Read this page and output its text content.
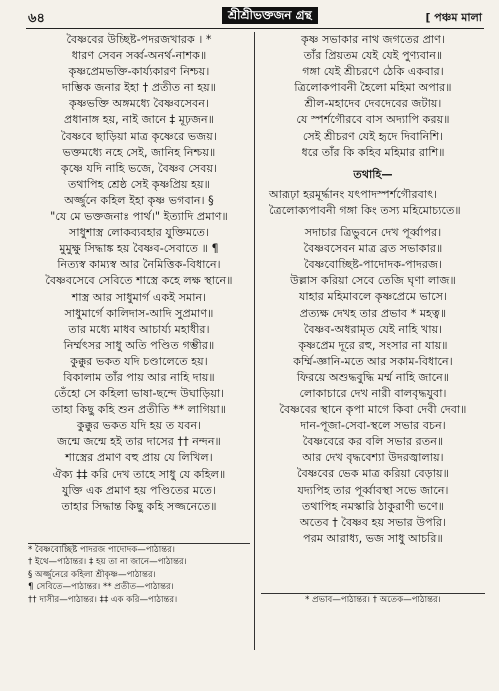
৬৪	শ্রীশ্রীভক্তজন গ্রন্থ	[ পঞ্চম মালা
বৈষ্ণবের উচ্ছিষ্ট-পদরজখারক । *
ধারণ সেবন সর্ব্ব-অনর্থ-নাশক॥
কৃষ্ণপ্রেমভক্তি-কার্য্যকারণ নিশ্চয়।
দাম্ভিক জনার ইহা † প্রতীত না হয়॥
কৃষ্ণভক্তি অঙ্গমধ্যে বৈষ্ণবসেবন।
প্রধানাঙ্গ হয়, নাই জানে ‡ মূঢ়জন॥
বৈষ্ণবে ছাড়িয়া মাত্র কৃষ্ণেরে ভজয়।
ভক্তমধ্যে নহে সেই, জানিহ নিশ্চয়॥
কৃষ্ণে যদি নাহি ভজে, বৈষ্ণব সেবয়।
তথাপিহ শ্রেষ্ঠ সেই কৃষ্ণপ্রিয় হয়॥
অর্জ্জুনে কহিল ইহা কৃষ্ণ ভগবান। §
"যে মে ভক্তজনাঃ পার্থ।" ইত্যাদি প্রমাণ॥
সাধুশাস্ত্র লোকব্যবহার যুক্তিমতে।
মুমুক্ষু সিদ্ধাঙ্ক হয় বৈষ্ণব-সেবাতে ॥ ¶
নিত্যস্ব কাম্যস্ব আর নৈমিত্তিক-বিধানে।
বৈষ্ণবসেবে সেবিতে শাস্ত্রে কহে লক্ষ স্থানে॥
শাস্ত্র আর সাধুমার্গ একই সমান।
সাধুমার্গে কালিদাস-আদি সুপ্রমাণ॥
তার মধ্যে মাধব আচার্য্য মহাধীর।
নির্ম্মৎসর সাধু অতি পণ্ডিত গম্ভীর॥
কুক্কুর ভকত যদি চণ্ডালেতে হয়।
বিকালাম তাঁর পায় আর নাহি দায়॥
তেঁহো সে কহিলা ভাষা-ছন্দে উঘাড়িয়া।
তাহা কিছু কহি শুন প্রতীতি ** লাগিয়া॥
কুক্কুর ভকত যদি হয় ত যবন।
জন্মে জন্মে হই তার দাসের †† নন্দন॥
শাস্ত্রের প্রমাণ বহু প্রায় যে লিখিল।
ঐক্য ‡‡ করি দেখ তাহে সাধু যে কহিল॥
যুক্তি এক প্রমাণ হয় পণ্ডিতের মতে।
তাহার সিদ্ধান্ত কিছু কহি সজ্জনেতে॥
কৃষ্ণ সভাকার নাথ জগতের প্রাণ।
তাঁর প্রিয়তম যেই যেই পুণ্যবান॥
গঙ্গা যেই শ্রীচরণে ঠেকি একবার।
ত্রিলোকপাবনী হৈলো মহিমা অপার॥
শ্রীল-মহাদেব দেবদেবের জটায়।
যে স্পর্শগৌরবে বাস অদ্যাপি করয়॥
সেই শ্রীচরণ যেই হৃদে দিবানিশি।
ধরে তাঁর কি কহিব মহিমার রাশি॥
তথাহি—
আরূঢ়া হরমূর্দ্ধানং যৎপাদস্পর্শগৌরবাৎ।
ত্রৈলোক্যপাবনী গঙ্গা কিং তস্য মহিমোচ্যতে॥
সদাচার ত্রিভুবনে দেখ পূর্ব্বাপর।
বৈষ্ণবসেবন মাত্র ব্রত সভাকার॥
বৈষ্ণবোচ্ছিষ্ট-পাদোদক-পাদরজ।
উল্লাস করিয়া সেবে তেজি ঘৃণা লাজ॥
যাহার মহিমাবলে কৃষ্ণপ্রেমে ভাসে।
প্রত্যক্ষ দেখহ তার প্রভাব * মহত্ব॥
বৈষ্ণব-অধরামৃত যেই নাহি খায়।
কৃষ্ণপ্রেম দূরে রহু, সংসার না যায়॥
কর্ম্মি-জ্ঞানি-মতে আর সকাম-বিধানে।
ফিরয়ে অশুদ্ধবুদ্ধি মর্ম্ম নাহি জানে॥
লোকাচারে দেখ নারী বালবৃদ্ধযুবা।
বৈষ্ণবের স্থানে কৃপা মাগে কিবা দেবী দেবা॥
দান-পূজা-সেবা-স্থলে সভার বচন।
বৈষ্ণবেরে কর বলি সভার রতন॥
আর দেখ বৃদ্ধবেশ্যা উদরজ্বালায়।
বৈষ্ণবের ভেক মাত্র করিয়া বেড়ায়॥
যদ্যপিহ তার পূর্ব্বাবস্থা সভে জানে।
তথাপিহ নমস্কারি ঠাকুরাণী ভণে॥
অতেব † বৈষ্ণব হয় সভার উপরি।
পরম আরাধ্য, ভজ সাধু আচরি॥
* বৈষ্ণবোচ্ছিষ্ট পাদরজ পাদোদক—পাঠান্তর।
† ইথে—পাঠান্তর। ‡ হয় তা না জানে—পাঠান্তর।
§ অর্জ্জুনেরে কহিলা শ্রীকৃষ্ণ—পাঠান্তর।
¶ সেবিতে—পাঠান্তর। ** প্রতীত—পাঠান্তর।
†† দাসীর—পাঠান্তর। ‡‡ এক করি—পাঠান্তর।	* প্রভাব—পাঠান্তর। † অতেক—পাঠান্তর।
